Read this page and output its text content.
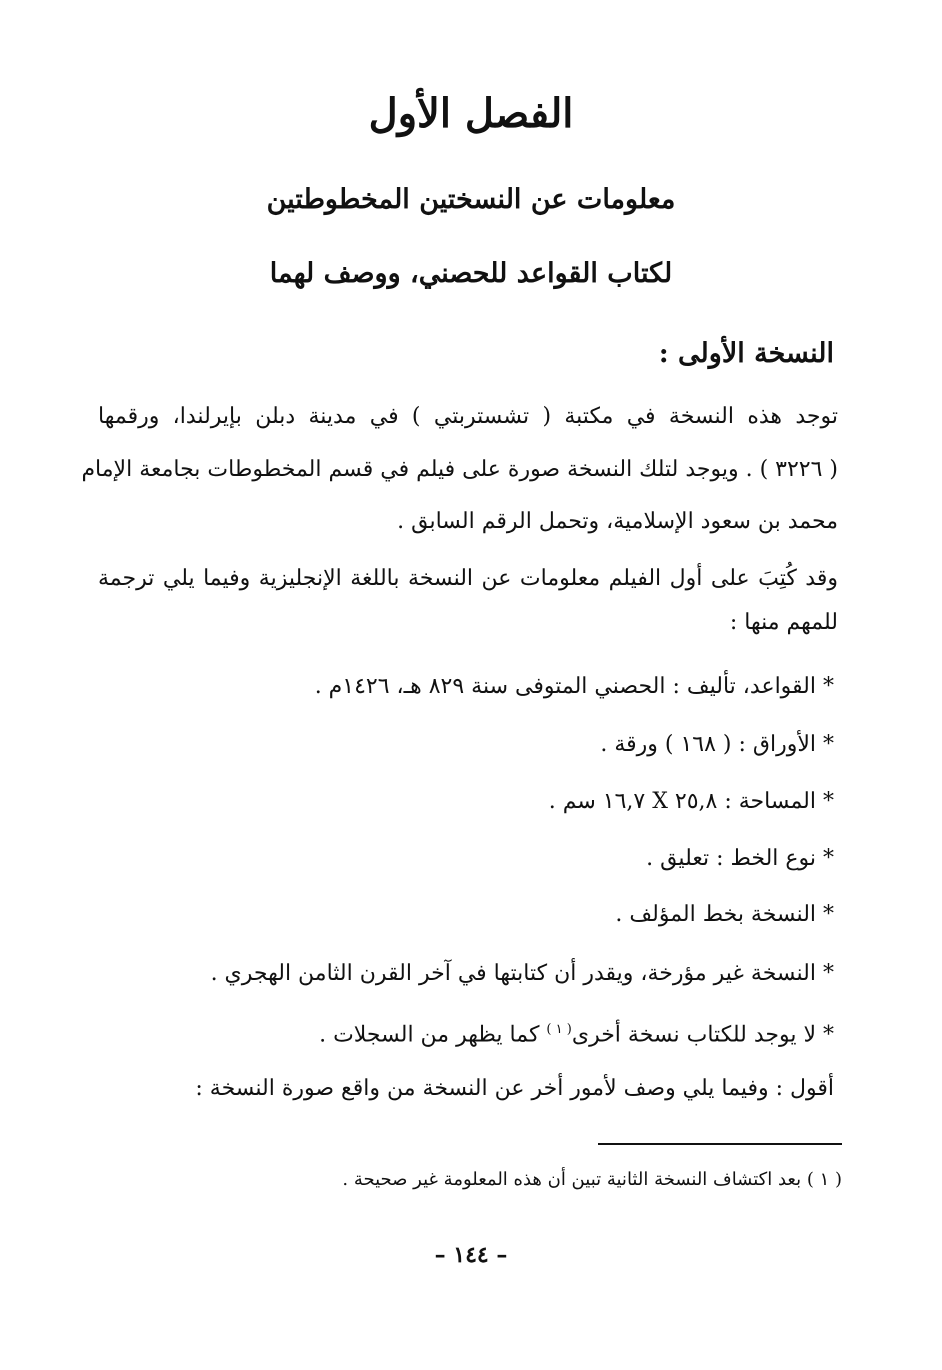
الفصل الأول
معلومات عن النسختين المخطوطتين
لكتاب القواعد للحصني، ووصف لهما
النسخة الأولى :
توجد هذه النسخة في مكتبة ( تشستربتي ) في مدينة دبلن بإيرلندا، ورقمها
( ٣٢٢٦ ) . ويوجد لتلك النسخة صورة على فيلم في قسم المخطوطات بجامعة الإمام
محمد بن سعود الإسلامية، وتحمل الرقم السابق .
وقد كُتِبَ على أول الفيلم معلومات عن النسخة باللغة الإنجليزية وفيما يلي ترجمة
للمهم منها :
* القواعد، تأليف : الحصني المتوفى سنة ٨٢٩ هـ، ١٤٢٦م .
* الأوراق : ( ١٦٨ ) ورقة .
* المساحة : ٢٥,٨ X ١٦,٧ سم .
* نوع الخط : تعليق .
* النسخة بخط المؤلف .
* النسخة غير مؤرخة، ويقدر أن كتابتها في آخر القرن الثامن الهجري .
* لا يوجد للكتاب نسخة أخرى$^{( ١ )}$ كما يظهر من السجلات .
أقول : وفيما يلي وصف لأمور أخر عن النسخة من واقع صورة النسخة :
( ١ ) بعد اكتشاف النسخة الثانية تبين أن هذه المعلومة غير صحيحة .
– ١٤٤ –
